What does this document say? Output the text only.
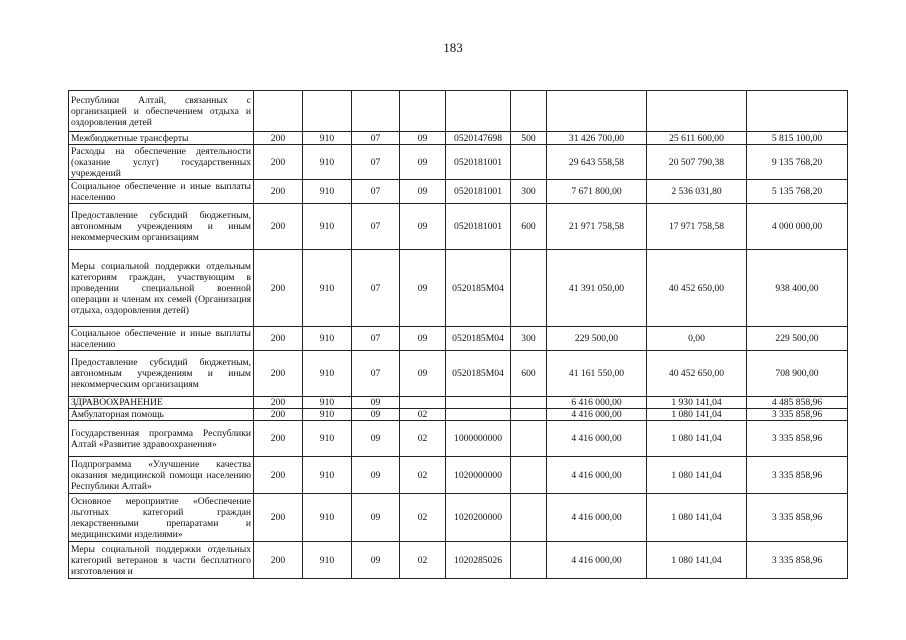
183
Республики Алтай, связанных с организацией и обеспечением отдыха и оздоровления детей									
Межбюджетные трансферты	200	910	07	09	0520147698	500	31 426 700,00	25 611 600,00	5 815 100,00
Расходы на обеспечение деятельности (оказание услуг) государственных учреждений	200	910	07	09	0520181001		29 643 558,58	20 507 790,38	9 135 768,20
Социальное обеспечение и иные выплаты населению	200	910	07	09	0520181001	300	7 671 800,00	2 536 031,80	5 135 768,20
Предоставление субсидий бюджетным, автономным учреждениям и иным некоммерческим организациям	200	910	07	09	0520181001	600	21 971 758,58	17 971 758,58	4 000 000,00
Меры социальной поддержки отдельным категориям граждан, участвующим в проведении специальной военной операции и членам их семей (Организация отдыха, оздоровления детей)	200	910	07	09	0520185M04		41 391 050,00	40 452 650,00	938 400,00
Социальное обеспечение и иные выплаты населению	200	910	07	09	0520185M04	300	229 500,00	0,00	229 500,00
Предоставление субсидий бюджетным, автономным учреждениям и иным некоммерческим организациям	200	910	07	09	0520185M04	600	41 161 550,00	40 452 650,00	708 900,00
ЗДРАВООХРАНЕНИЕ	200	910	09				6 416 000,00	1 930 141,04	4 485 858,96
Амбулаторная помощь	200	910	09	02			4 416 000,00	1 080 141,04	3 335 858,96
Государственная программа Республики Алтай «Развитие здравоохранения»	200	910	09	02	1000000000		4 416 000,00	1 080 141,04	3 335 858,96
Подпрограмма «Улучшение качества оказания медицинской помощи населению Республики Алтай»	200	910	09	02	1020000000		4 416 000,00	1 080 141,04	3 335 858,96
Основное мероприятие «Обеспечение льготных категорий граждан лекарственными препаратами и медицинскими изделиями»	200	910	09	02	1020200000		4 416 000,00	1 080 141,04	3 335 858,96
Меры социальной поддержки отдельных категорий ветеранов в части бесплатного изготовления и	200	910	09	02	1020285026		4 416 000,00	1 080 141,04	3 335 858,96
